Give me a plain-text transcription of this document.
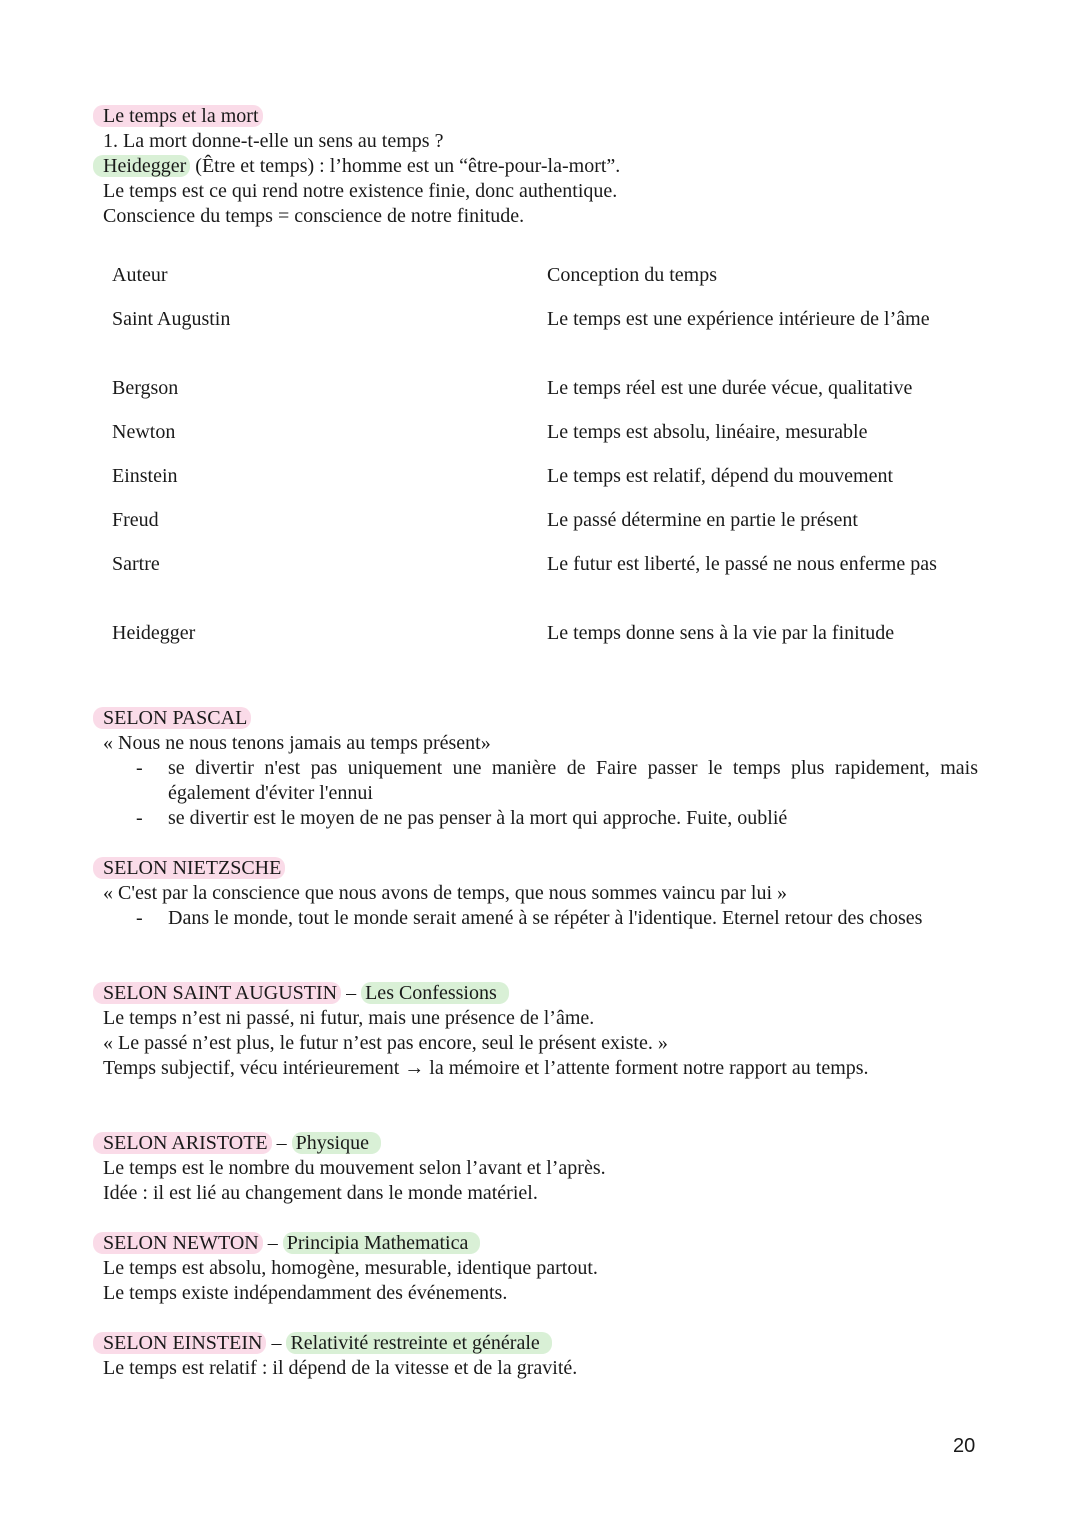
Le temps et la mort
1. La mort donne-t-elle un sens au temps ?
Heidegger (Être et temps) : l’homme est un “être-pour-la-mort”.
Le temps est ce qui rend notre existence finie, donc authentique.
Conscience du temps = conscience de notre finitude.
Auteur	Conception du temps
Saint Augustin	Le temps est une expérience intérieure de l’âme
Bergson	Le temps réel est une durée vécue, qualitative
Newton	Le temps est absolu, linéaire, mesurable
Einstein	Le temps est relatif, dépend du mouvement
Freud	Le passé détermine en partie le présent
Sartre	Le futur est liberté, le passé ne nous enferme pas
Heidegger	Le temps donne sens à la vie par la finitude
SELON PASCAL
« Nous ne nous tenons jamais au temps présent»
- se divertir n'est pas uniquement une manière de Faire passer le temps plus rapidement, mais également d'éviter l'ennui
- se divertir est le moyen de ne pas penser à la mort qui approche. Fuite, oublié
SELON NIETZSCHE
« C'est par la conscience que nous avons de temps, que nous sommes vaincu par lui »
- Dans le monde, tout le monde serait amené à se répéter à l'identique. Eternel retour des choses
SELON SAINT AUGUSTIN – Les Confessions
Le temps n’est ni passé, ni futur, mais une présence de l’âme.
« Le passé n’est plus, le futur n’est pas encore, seul le présent existe. »
Temps subjectif, vécu intérieurement → la mémoire et l’attente forment notre rapport au temps.
SELON ARISTOTE – Physique
Le temps est le nombre du mouvement selon l’avant et l’après.
Idée : il est lié au changement dans le monde matériel.
SELON NEWTON – Principia Mathematica
Le temps est absolu, homogène, mesurable, identique partout.
Le temps existe indépendamment des événements.
SELON EINSTEIN – Relativité restreinte et générale
Le temps est relatif : il dépend de la vitesse et de la gravité.
20
